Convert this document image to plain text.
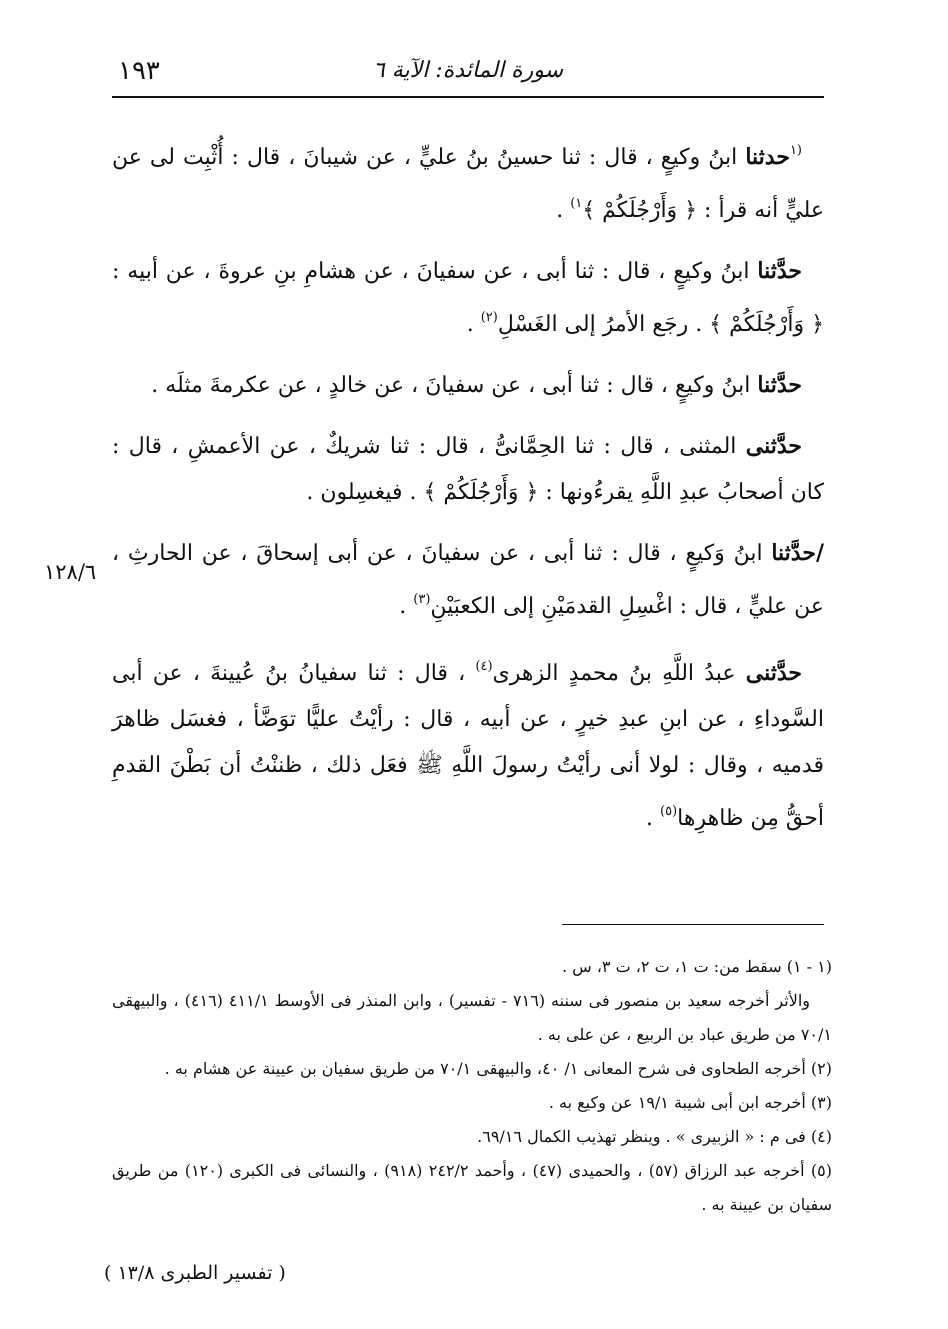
١٩٣	سورة المائدة: الآية ٦
١٢٨/٦

$^{(١}$حدثنا ابنُ وكيعٍ ، قال : ثنا حسينُ بنُ عليٍّ ، عن شيبانَ ، قال : أُثْبِت لى عن عليٍّ أنه قرأ : ﴿ وَأَرْجُلَكُمْ ﴾$^{١)}$ .

حدَّثنا ابنُ وكيعٍ ، قال : ثنا أبى ، عن سفيانَ ، عن هشامِ بنِ عروةَ ، عن أبيه : ﴿ وَأَرْجُلَكُمْ ﴾ . رجَع الأمرُ إلى الغَسْلِ$^{(٢)}$ .

حدَّثنا ابنُ وكيعٍ ، قال : ثنا أبى ، عن سفيانَ ، عن خالدٍ ، عن عكرمةَ مثلَه .

حدَّثنى المثنى ، قال : ثنا الحِمَّانىُّ ، قال : ثنا شريكٌ ، عن الأعمشِ ، قال : كان أصحابُ عبدِ اللَّهِ يقرءُونها : ﴿ وَأَرْجُلَكُمْ ﴾ . فيغسِلون .

/حدَّثنا ابنُ وَكيعٍ ، قال : ثنا أبى ، عن سفيانَ ، عن أبى إسحاقَ ، عن الحارثِ ، عن عليٍّ ، قال : اغْسِلِ القدمَيْنِ إلى الكعبَيْنِ$^{(٣)}$ .

حدَّثنى عبدُ اللَّهِ بنُ محمدٍ الزهرى$^{(٤)}$ ، قال : ثنا سفيانُ بنُ عُيينةَ ، عن أبى السَّوداءِ ، عن ابنِ عبدِ خيرٍ ، عن أبيه ، قال : رأيْتُ عليًّا توَضَّأ ، فغسَل ظاهرَ قدميه ، وقال : لولا أنى رأيْتُ رسولَ اللَّهِ ﷺ فعَل ذلك ، ظننْتُ أن بَطْنَ القدمِ أحقُّ مِن ظاهرِها$^{(٥)}$ .

(١ - ١) سقط من: ت ١، ت ٢، ت ٣، س .

والأثر أخرجه سعيد بن منصور فى سننه (٧١٦ - تفسير) ، وابن المنذر فى الأوسط ٤١١/١ (٤١٦) ، والبيهقى ٧٠/١ من طريق عباد بن الربيع ، عن على به .

(٢) أخرجه الطحاوى فى شرح المعانى ١/ ٤٠، والبيهقى ٧٠/١ من طريق سفيان بن عيينة عن هشام به .

(٣) أخرجه ابن أبى شيبة ١٩/١ عن وكيع به .

(٤) فى م : « الزبيرى » . وينظر تهذيب الكمال ٦٩/١٦.

(٥) أخرجه عبد الرزاق (٥٧) ، والحميدى (٤٧) ، وأحمد ٢٤٢/٢ (٩١٨) ، والنسائى فى الكبرى (١٢٠) من طريق سفيان بن عيينة به .

( تفسير الطبرى ١٣/٨ )
